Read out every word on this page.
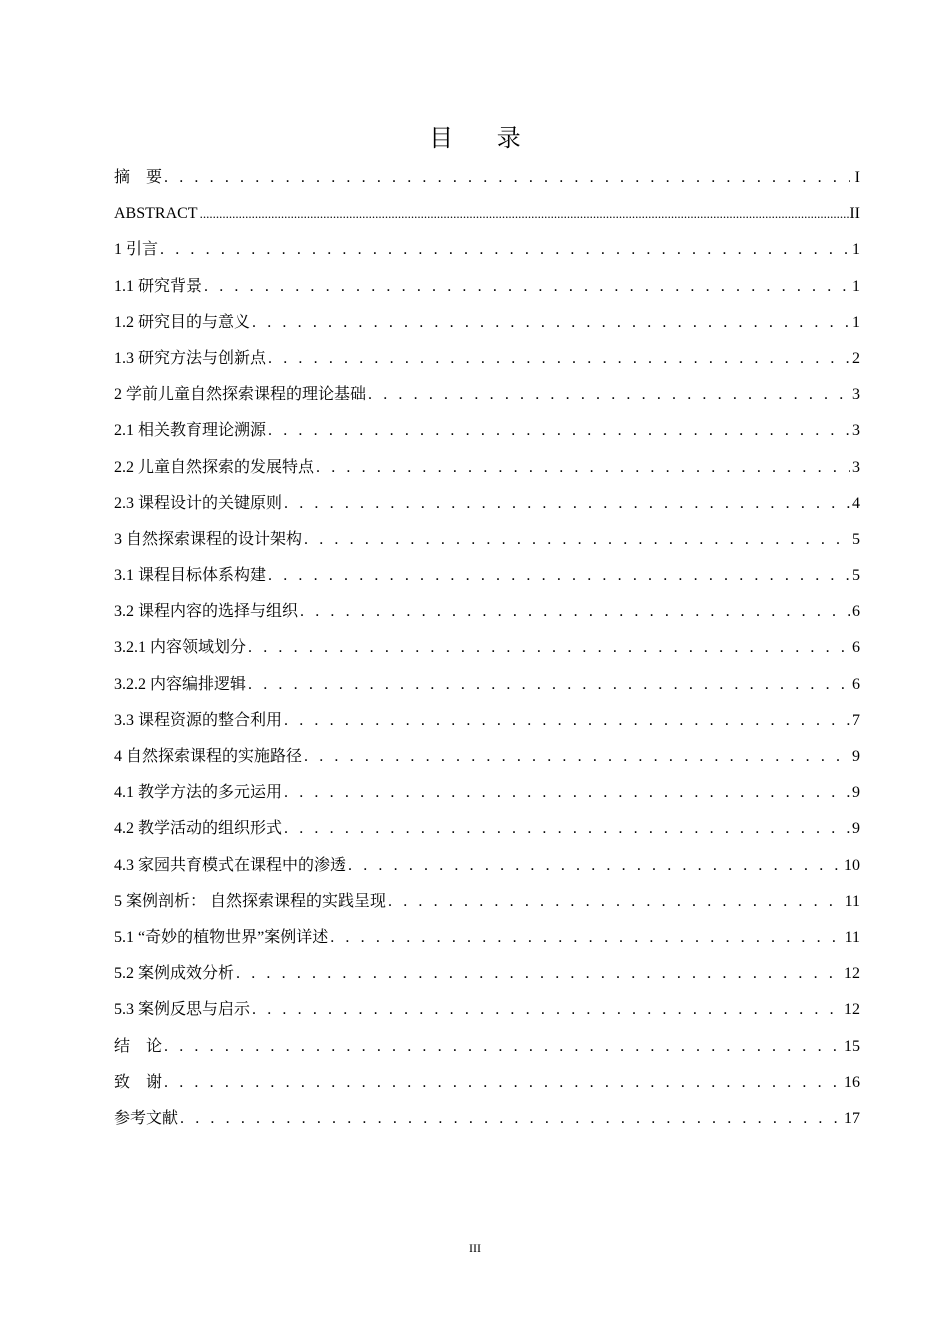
目 录
摘　要 . . .	I
ABSTRACT .....	II
1 引言 . . .	1
1.1 研究背景 . . .	1
1.2 研究目的与意义 . . .	1
1.3 研究方法与创新点 . . .	2
2 学前儿童自然探索课程的理论基础 . . .	3
2.1 相关教育理论溯源 . . .	3
2.2 儿童自然探索的发展特点 . . .	3
2.3 课程设计的关键原则 . . .	4
3 自然探索课程的设计架构 . . .	5
3.1 课程目标体系构建 . . .	5
3.2 课程内容的选择与组织 . . .	6
3.2.1 内容领域划分 . . .	6
3.2.2 内容编排逻辑 . . .	6
3.3 课程资源的整合利用 . . .	7
4 自然探索课程的实施路径 . . .	9
4.1 教学方法的多元运用 . . .	9
4.2 教学活动的组织形式 . . .	9
4.3 家园共育模式在课程中的渗透 . . .	10
5 案例剖析： 自然探索课程的实践呈现 . . .	11
5.1 “奇妙的植物世界”案例详述 . . .	11
5.2 案例成效分析 . . .	12
5.3 案例反思与启示 . . .	12
结　论 . . .	15
致　谢 . . .	16
参考文献 . . .	17
III
